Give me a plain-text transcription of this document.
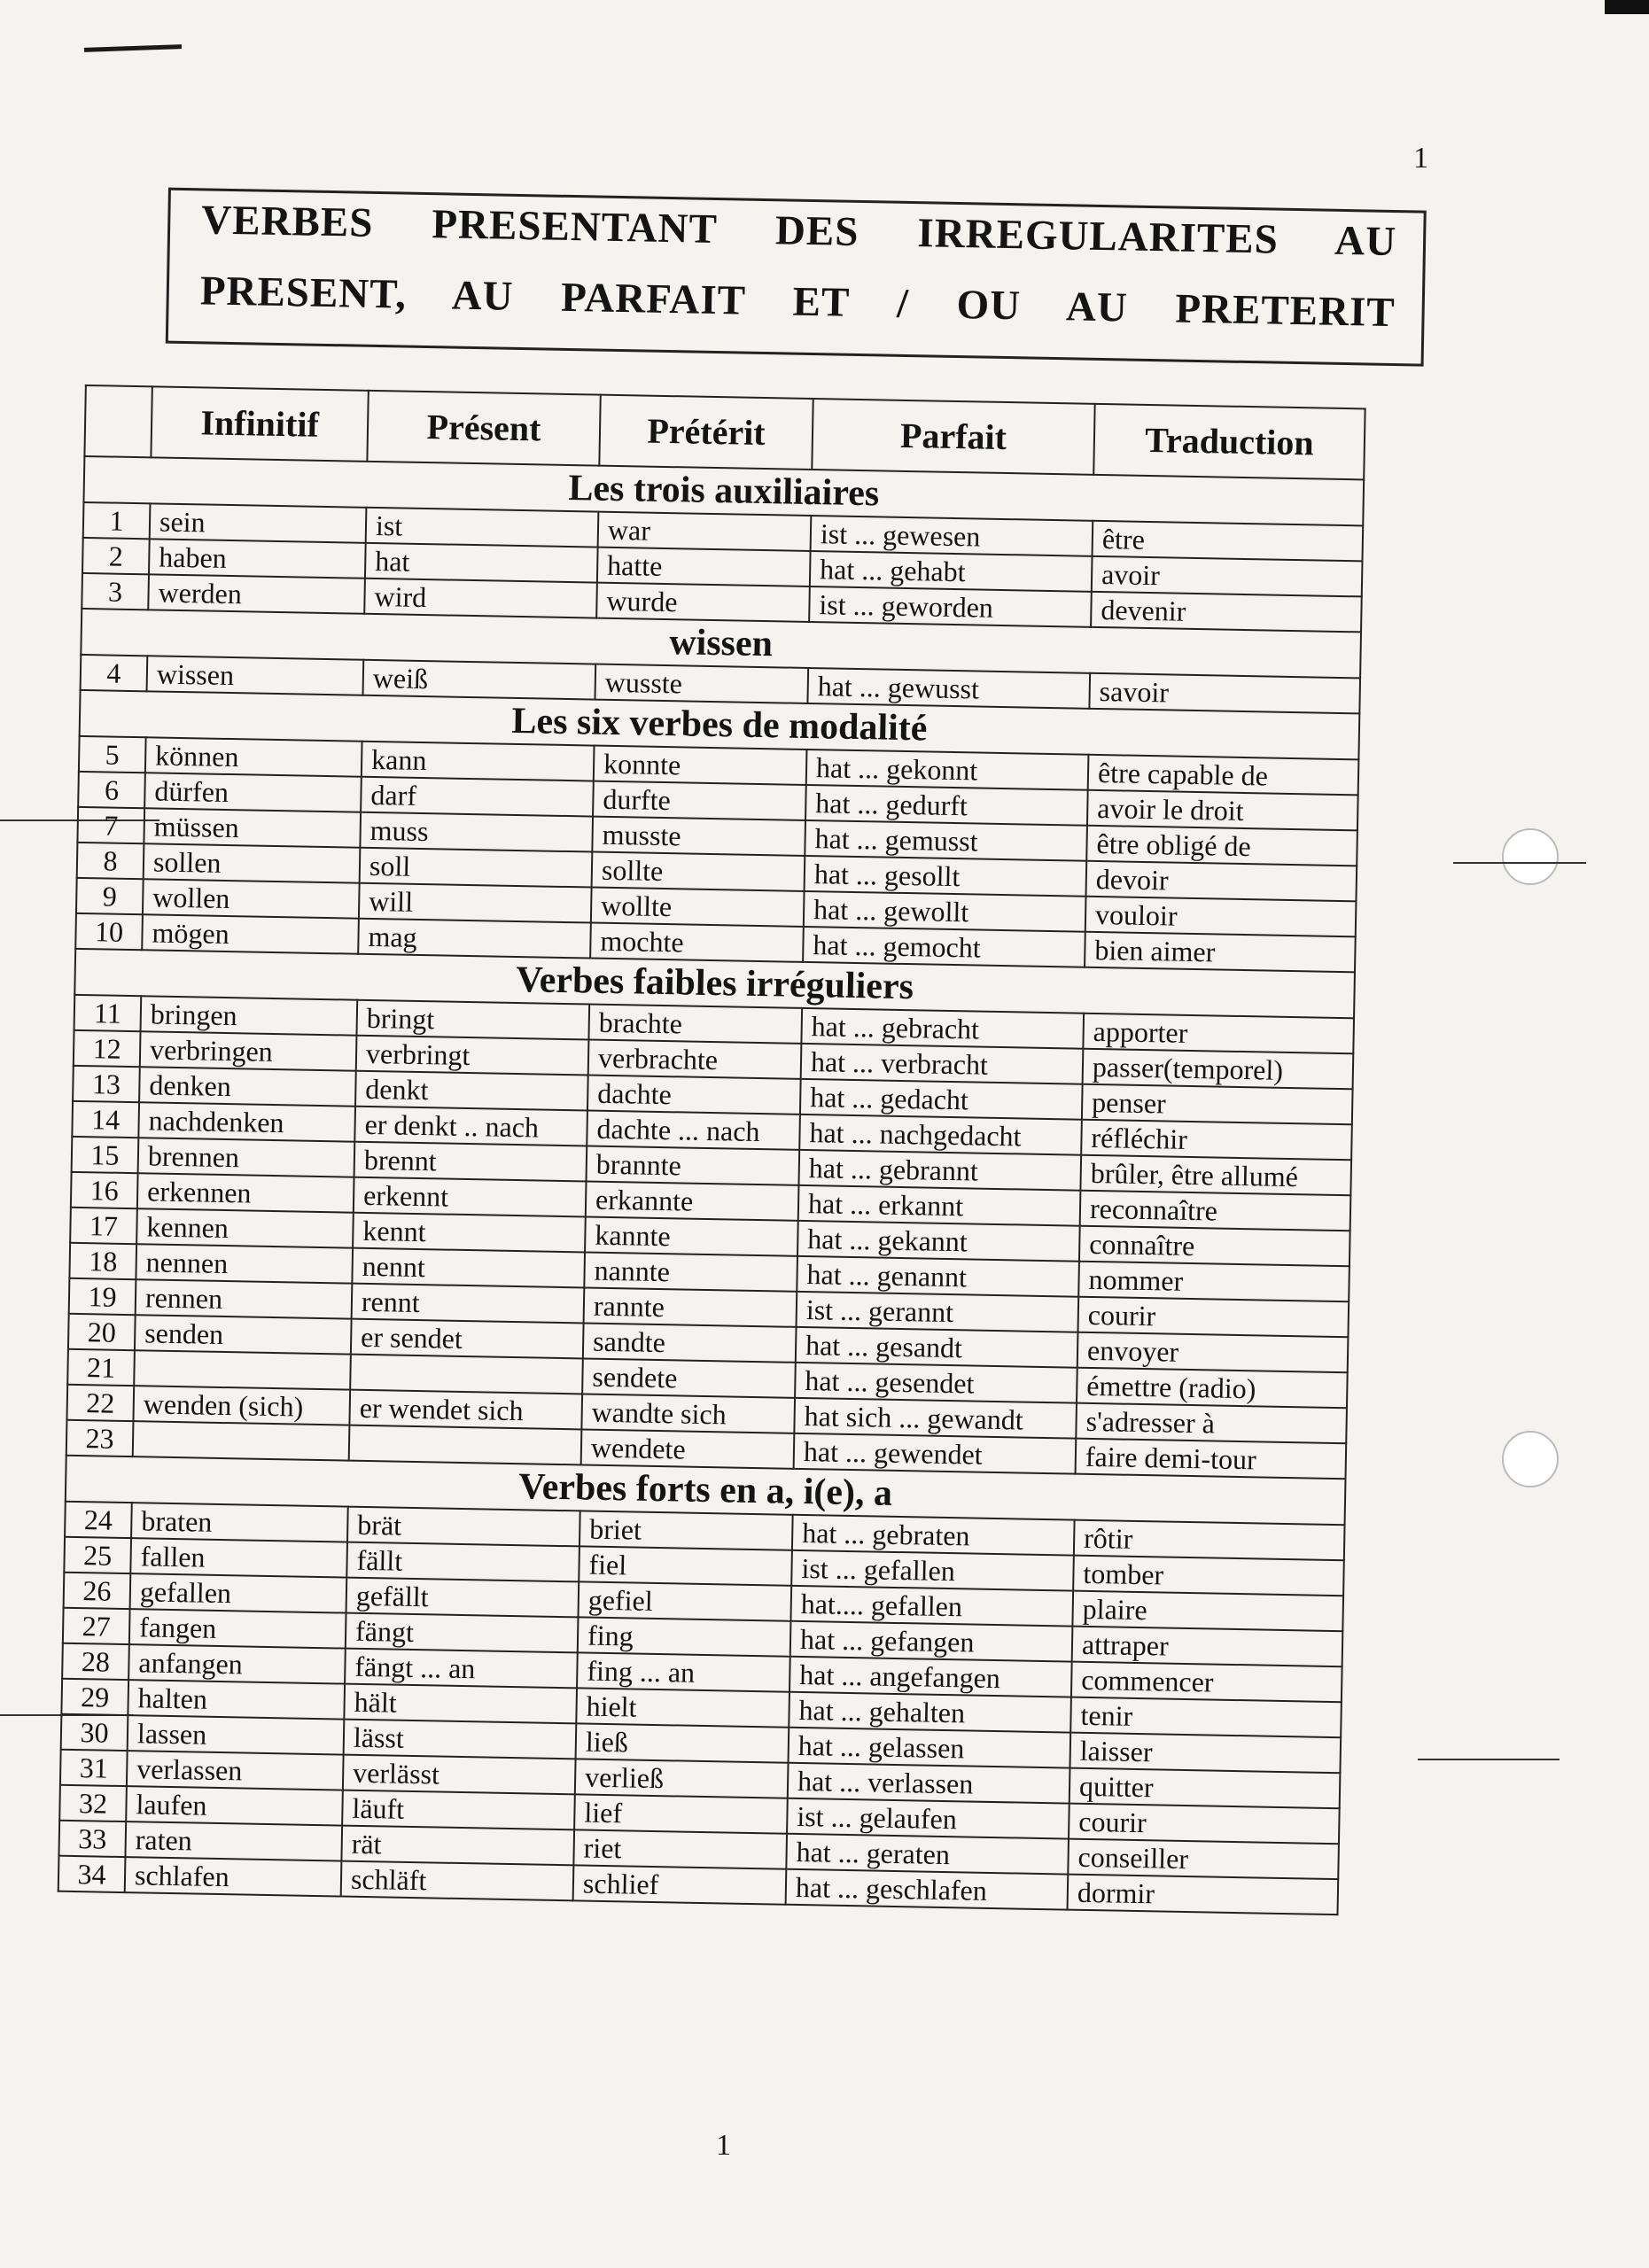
1
VERBES PRESENTANT DES IRREGULARITES AU
PRESENT, AU PARFAIT ET / OU AU PRETERIT
	Infinitif	Présent	Prétérit	Parfait	Traduction
Les trois auxiliaires					
1	sein	ist	war	ist ... gewesen	être
2	haben	hat	hatte	hat ... gehabt	avoir
3	werden	wird	wurde	ist ... geworden	devenir
wissen					
4	wissen	weiß	wusste	hat ... gewusst	savoir
Les six verbes de modalité					
5	können	kann	konnte	hat ... gekonnt	être capable de
6	dürfen	darf	durfte	hat ... gedurft	avoir le droit
7	müssen	muss	musste	hat ... gemusst	être obligé de
8	sollen	soll	sollte	hat ... gesollt	devoir
9	wollen	will	wollte	hat ... gewollt	vouloir
10	mögen	mag	mochte	hat ... gemocht	bien aimer
Verbes faibles irréguliers					
11	bringen	bringt	brachte	hat ... gebracht	apporter
12	verbringen	verbringt	verbrachte	hat ... verbracht	passer(temporel)
13	denken	denkt	dachte	hat ... gedacht	penser
14	nachdenken	er denkt .. nach	dachte ... nach	hat ... nachgedacht	réfléchir
15	brennen	brennt	brannte	hat ... gebrannt	brûler, être allumé
16	erkennen	erkennt	erkannte	hat ... erkannt	reconnaître
17	kennen	kennt	kannte	hat ... gekannt	connaître
18	nennen	nennt	nannte	hat ... genannt	nommer
19	rennen	rennt	rannte	ist ... gerannt	courir
20	senden	er sendet	sandte	hat ... gesandt	envoyer
21			sendete	hat ... gesendet	émettre (radio)
22	wenden (sich)	er wendet sich	wandte sich	hat sich ... gewandt	s'adresser à
23			wendete	hat ... gewendet	faire demi-tour
Verbes forts en a, i(e), a					
24	braten	brät	briet	hat ... gebraten	rôtir
25	fallen	fällt	fiel	ist ... gefallen	tomber
26	gefallen	gefällt	gefiel	hat.... gefallen	plaire
27	fangen	fängt	fing	hat ... gefangen	attraper
28	anfangen	fängt ... an	fing ... an	hat ... angefangen	commencer
29	halten	hält	hielt	hat ... gehalten	tenir
30	lassen	lässt	ließ	hat ... gelassen	laisser
31	verlassen	verlässt	verließ	hat ... verlassen	quitter
32	laufen	läuft	lief	ist ... gelaufen	courir
33	raten	rät	riet	hat ... geraten	conseiller
34	schlafen	schläft	schlief	hat ... geschlafen	dormir
1
